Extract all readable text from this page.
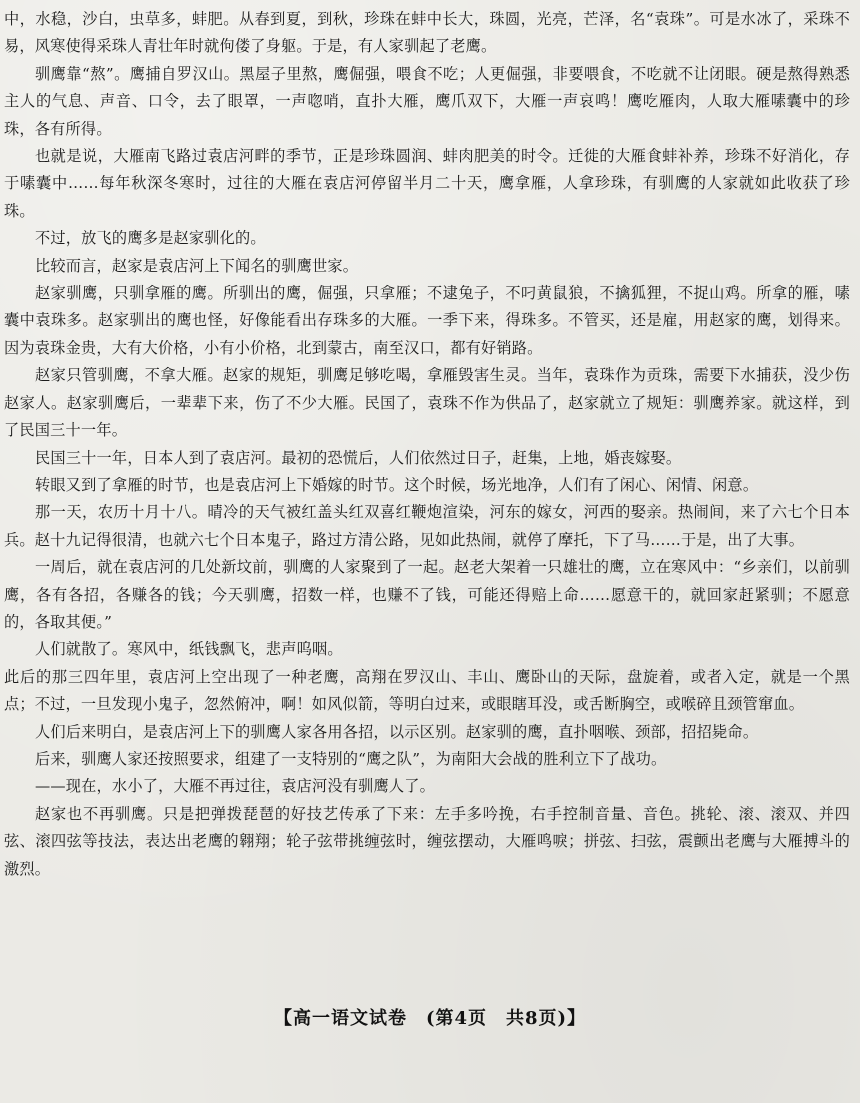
中，水稳，沙白，虫草多，蚌肥。从春到夏，到秋，珍珠在蚌中长大，珠圆，光亮，芒泽，名“袁珠”。可是水冰了，采珠不易，风寒使得采珠人青壮年时就佝偻了身躯。于是，有人家驯起了老鹰。

驯鹰靠“熬”。鹰捕自罗汉山。黑屋子里熬，鹰倔强，喂食不吃；人更倔强，非要喂食，不吃就不让闭眼。硬是熬得熟悉主人的气息、声音、口令，去了眼罩，一声唿哨，直扑大雁，鹰爪双下，大雁一声哀鸣！鹰吃雁肉，人取大雁嗉囊中的珍珠，各有所得。

也就是说，大雁南飞路过袁店河畔的季节，正是珍珠圆润、蚌肉肥美的时令。迁徙的大雁食蚌补养，珍珠不好消化，存于嗉囊中……每年秋深冬寒时，过往的大雁在袁店河停留半月二十天，鹰拿雁，人拿珍珠，有驯鹰的人家就如此收获了珍珠。

不过，放飞的鹰多是赵家驯化的。

比较而言，赵家是袁店河上下闻名的驯鹰世家。

赵家驯鹰，只驯拿雁的鹰。所驯出的鹰，倔强，只拿雁；不逮兔子，不叼黄鼠狼，不擒狐狸，不捉山鸡。所拿的雁，嗉囊中袁珠多。赵家驯出的鹰也怪，好像能看出存珠多的大雁。一季下来，得珠多。不管买，还是雇，用赵家的鹰，划得来。因为袁珠金贵，大有大价格，小有小价格，北到蒙古，南至汉口，都有好销路。

赵家只管驯鹰，不拿大雁。赵家的规矩，驯鹰足够吃喝，拿雁毁害生灵。当年，袁珠作为贡珠，需要下水捕获，没少伤赵家人。赵家驯鹰后，一辈辈下来，伤了不少大雁。民国了，袁珠不作为供品了，赵家就立了规矩：驯鹰养家。就这样，到了民国三十一年。

民国三十一年，日本人到了袁店河。最初的恐慌后，人们依然过日子，赶集，上地，婚丧嫁娶。

转眼又到了拿雁的时节，也是袁店河上下婚嫁的时节。这个时候，场光地净，人们有了闲心、闲情、闲意。

那一天，农历十月十八。晴冷的天气被红盖头红双喜红鞭炮渲染，河东的嫁女，河西的娶亲。热闹间，来了六七个日本兵。赵十九记得很清，也就六七个日本鬼子，路过方清公路，见如此热闹，就停了摩托，下了马……于是，出了大事。

一周后，就在袁店河的几处新坟前，驯鹰的人家聚到了一起。赵老大架着一只雄壮的鹰，立在寒风中：“乡亲们，以前驯鹰，各有各招，各赚各的钱；今天驯鹰，招数一样，也赚不了钱，可能还得赔上命……愿意干的，就回家赶紧驯；不愿意的，各取其便。”

人们就散了。寒风中，纸钱飘飞，悲声呜咽。

此后的那三四年里，袁店河上空出现了一种老鹰，高翔在罗汉山、丰山、鹰卧山的天际，盘旋着，或者入定，就是一个黑点；不过，一旦发现小鬼子，忽然俯冲，啊！如风似箭，等明白过来，或眼瞎耳没，或舌断胸空，或喉碎且颈管窜血。

人们后来明白，是袁店河上下的驯鹰人家各用各招，以示区别。赵家驯的鹰，直扑咽喉、颈部，招招毙命。

后来，驯鹰人家还按照要求，组建了一支特别的“鹰之队”，为南阳大会战的胜利立下了战功。

——现在，水小了，大雁不再过往，袁店河没有驯鹰人了。

赵家也不再驯鹰。只是把弹拨琵琶的好技艺传承了下来：左手多吟挽，右手控制音量、音色。挑轮、滚、滚双、并四弦、滚四弦等技法，表达出老鹰的翱翔；轮子弦带挑缠弦时，缠弦摆动，大雁鸣唳；拼弦、扫弦，震颤出老鹰与大雁搏斗的激烈。

【高一语文试卷　(第4页　共8页)】
